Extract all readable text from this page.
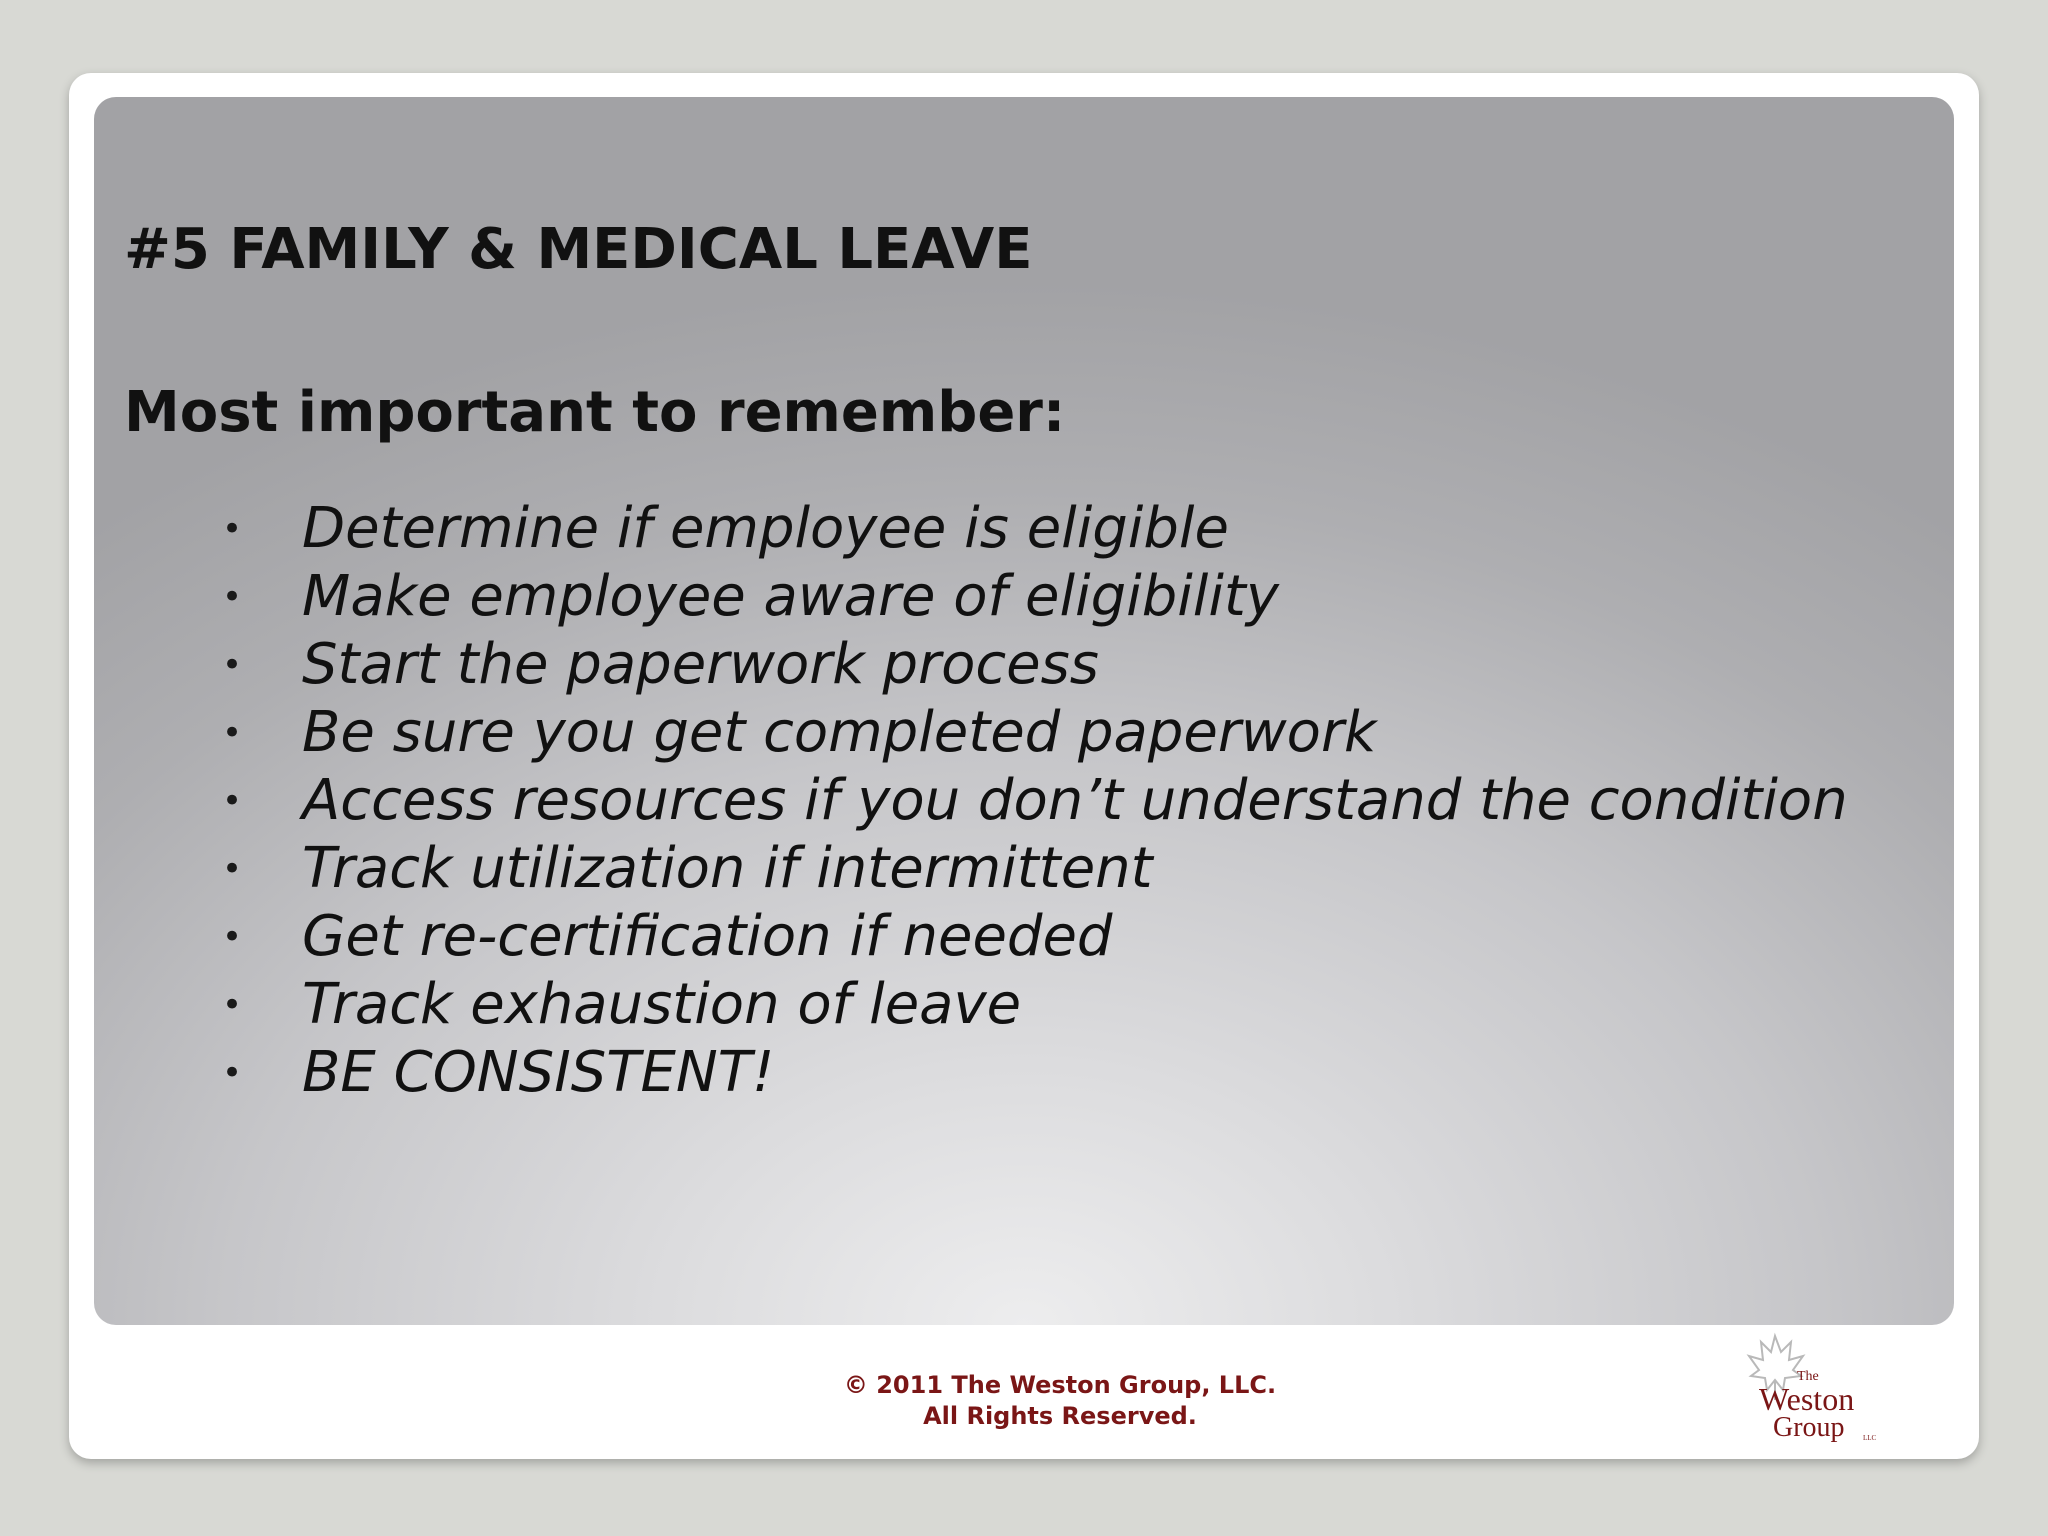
#5 FAMILY & MEDICAL LEAVE
Most important to remember:
• Determine if employee is eligible
• Make employee aware of eligibility
• Start the paperwork process
• Be sure you get completed paperwork
• Access resources if you don’t understand the condition
• Track utilization if intermittent
• Get re-certification if needed
• Track exhaustion of leave
• BE CONSISTENT!
© 2011 The Weston Group, LLC.
All Rights Reserved.
The
Weston
Group	LLC
